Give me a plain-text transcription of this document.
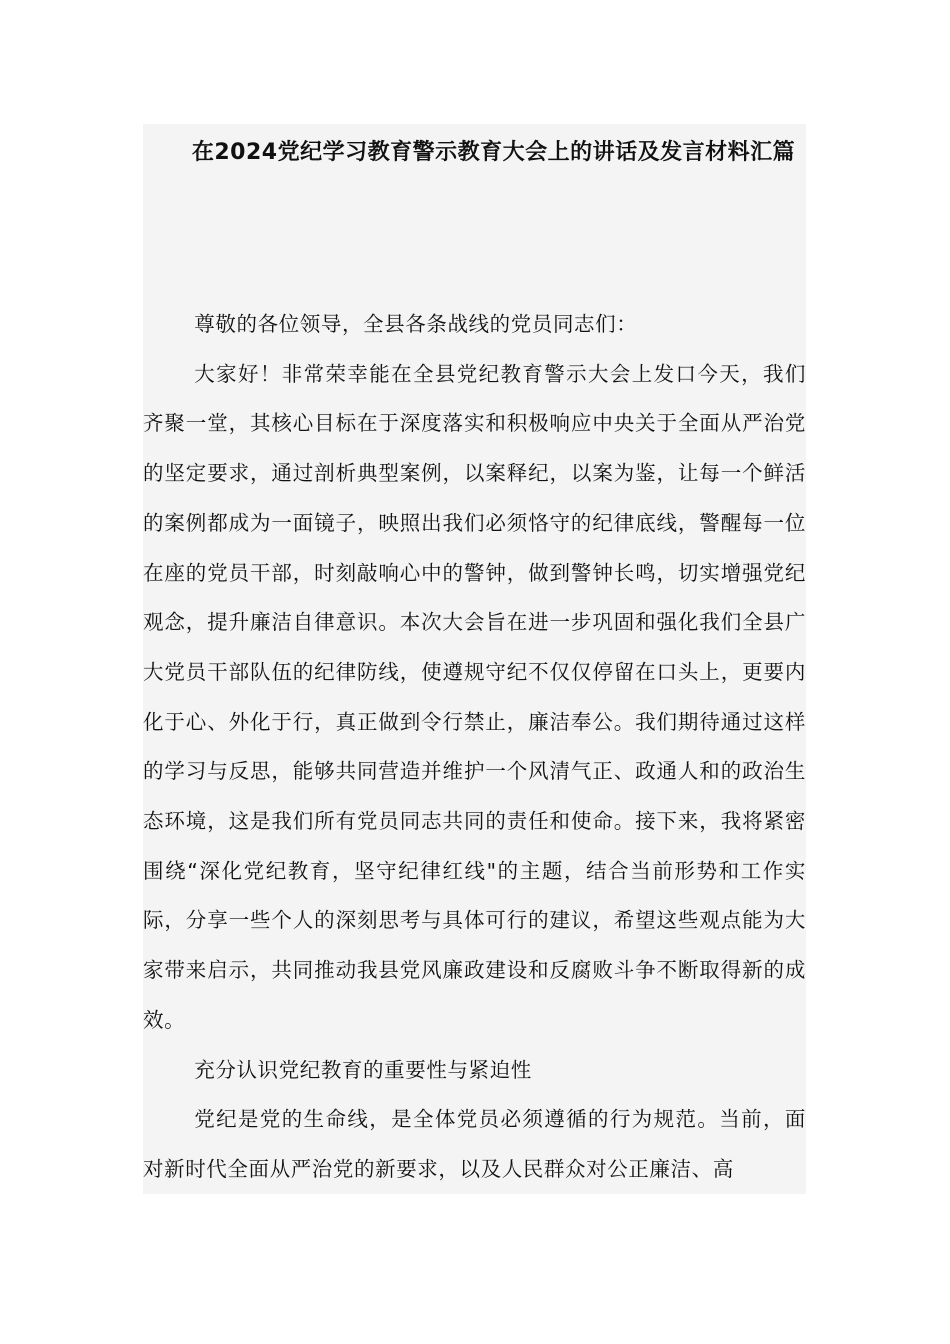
在2024党纪学习教育警示教育大会上的讲话及发言材料汇篇

尊敬的各位领导，全县各条战线的党员同志们：

大家好！非常荣幸能在全县党纪教育警示大会上发口今天，我们齐聚一堂，其核心目标在于深度落实和积极响应中央关于全面从严治党的坚定要求，通过剖析典型案例，以案释纪，以案为鉴，让每一个鲜活的案例都成为一面镜子，映照出我们必须恪守的纪律底线，警醒每一位在座的党员干部，时刻敲响心中的警钟，做到警钟长鸣，切实增强党纪观念，提升廉洁自律意识。本次大会旨在进一步巩固和强化我们全县广大党员干部队伍的纪律防线，使遵规守纪不仅仅停留在口头上，更要内化于心、外化于行，真正做到令行禁止，廉洁奉公。我们期待通过这样的学习与反思，能够共同营造并维护一个风清气正、政通人和的政治生态环境，这是我们所有党员同志共同的责任和使命。接下来，我将紧密围绕“深化党纪教育，坚守纪律红线"的主题，结合当前形势和工作实际，分享一些个人的深刻思考与具体可行的建议，希望这些观点能为大家带来启示，共同推动我县党风廉政建设和反腐败斗争不断取得新的成效。

充分认识党纪教育的重要性与紧迫性

党纪是党的生命线，是全体党员必须遵循的行为规范。当前，面对新时代全面从严治党的新要求，以及人民群众对公正廉洁、高
